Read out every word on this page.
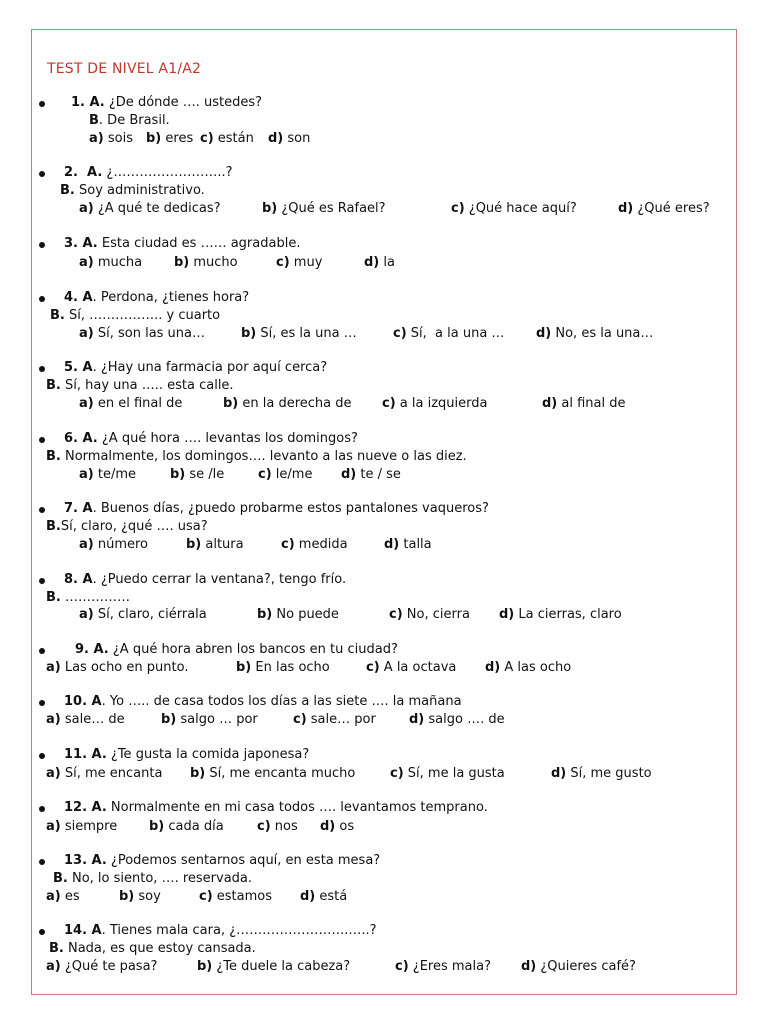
TEST DE NIVEL A1/A2
1. A. ¿De dónde …. ustedes?
B. De Brasil.
a) sois b) eres c) están d) son
2.  A. ¿……………………..?
B. Soy administrativo.
a) ¿A qué te dedicas?	b) ¿Qué es Rafael?	c) ¿Qué hace aquí?	d) ¿Qué eres?
3. A. Esta ciudad es …… agradable.
a) mucha b) mucho	c) muy	d) la
4. A. Perdona, ¿tienes hora?
B. Sí, …………….. y cuarto
a) Sí, son las una…	b) Sí, es la una …	c) Sí,  a la una … d) No, es la una…
5. A. ¿Hay una farmacia por aquí cerca?
B. Sí, hay una ….. esta calle.
a) en el final de	b) en la derecha de c) a la izquierda	d) al final de
6. A. ¿A qué hora …. levantas los domingos?
B. Normalmente, los domingos…. levanto a las nueve o las diez.
a) te/me	b) se /le	c) le/me d) te / se
7. A. Buenos días, ¿puedo probarme estos pantalones vaqueros?
B.Sí, claro, ¿qué …. usa?
a) número	b) altura	c) medida	d) talla
8. A. ¿Puedo cerrar la ventana?, tengo frío.
B. ……………
a) Sí, claro, ciérrala	b) No puede	c) No, cierra d) La cierras, claro
9. A. ¿A qué hora abren los bancos en tu ciudad?
a) Las ocho en punto.	b) En las ocho	c) A la octava d) A las ocho
10. A. Yo ….. de casa todos los días a las siete …. la mañana
a) sale… de	b) salgo … por	c) sale… por	d) salgo …. de
11. A. ¿Te gusta la comida japonesa?
a) Sí, me encanta b) Sí, me encanta mucho	c) Sí, me la gusta	d) Sí, me gusto
12. A. Normalmente en mi casa todos …. levantamos temprano.
a) siempre b) cada día	c) nos d) os
13. A. ¿Podemos sentarnos aquí, en esta mesa?
B. No, lo siento, …. reservada.
a) es	b) soy	c) estamos d) está
14. A. Tienes mala cara, ¿……………………..…..?
B. Nada, es que estoy cansada.
a) ¿Qué te pasa?	b) ¿Te duele la cabeza?	c) ¿Eres mala? d) ¿Quieres café?
